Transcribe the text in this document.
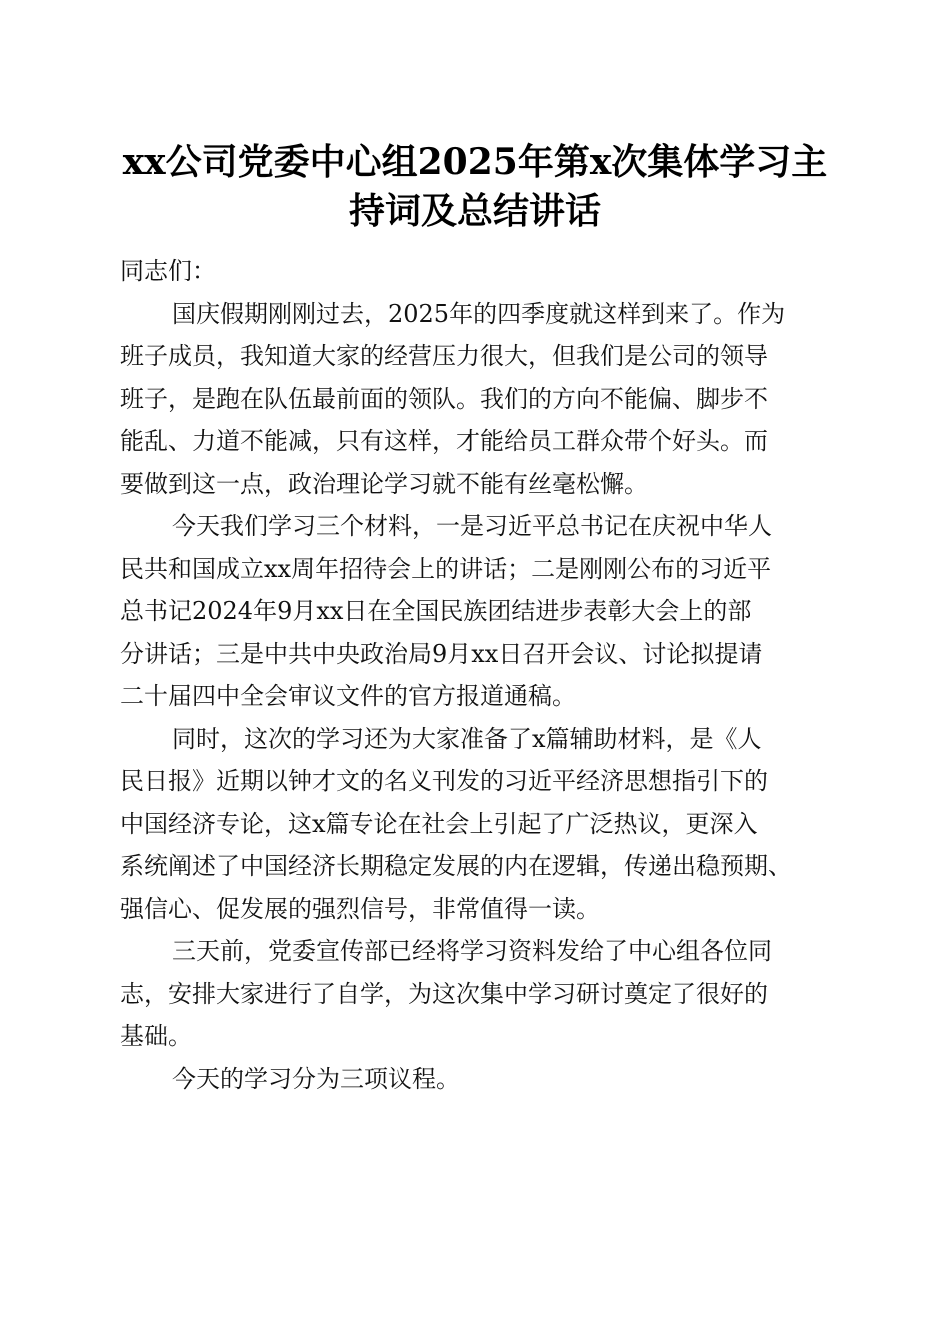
xx公司党委中心组2025年第x次集体学习主
持词及总结讲话
同志们：
国庆假期刚刚过去，2025年的四季度就这样到来了。作为
班子成员，我知道大家的经营压力很大，但我们是公司的领导
班子，是跑在队伍最前面的领队。我们的方向不能偏、脚步不
能乱、力道不能减，只有这样，才能给员工群众带个好头。而
要做到这一点，政治理论学习就不能有丝毫松懈。
今天我们学习三个材料，一是习近平总书记在庆祝中华人
民共和国成立xx周年招待会上的讲话；二是刚刚公布的习近平
总书记2024年9月xx日在全国民族团结进步表彰大会上的部
分讲话；三是中共中央政治局9月xx日召开会议、讨论拟提请
二十届四中全会审议文件的官方报道通稿。
同时，这次的学习还为大家准备了x篇辅助材料，是《人
民日报》近期以钟才文的名义刊发的习近平经济思想指引下的
中国经济专论，这x篇专论在社会上引起了广泛热议，更深入
系统阐述了中国经济长期稳定发展的内在逻辑，传递出稳预期、
强信心、促发展的强烈信号，非常值得一读。
三天前，党委宣传部已经将学习资料发给了中心组各位同
志，安排大家进行了自学，为这次集中学习研讨奠定了很好的
基础。
今天的学习分为三项议程。
